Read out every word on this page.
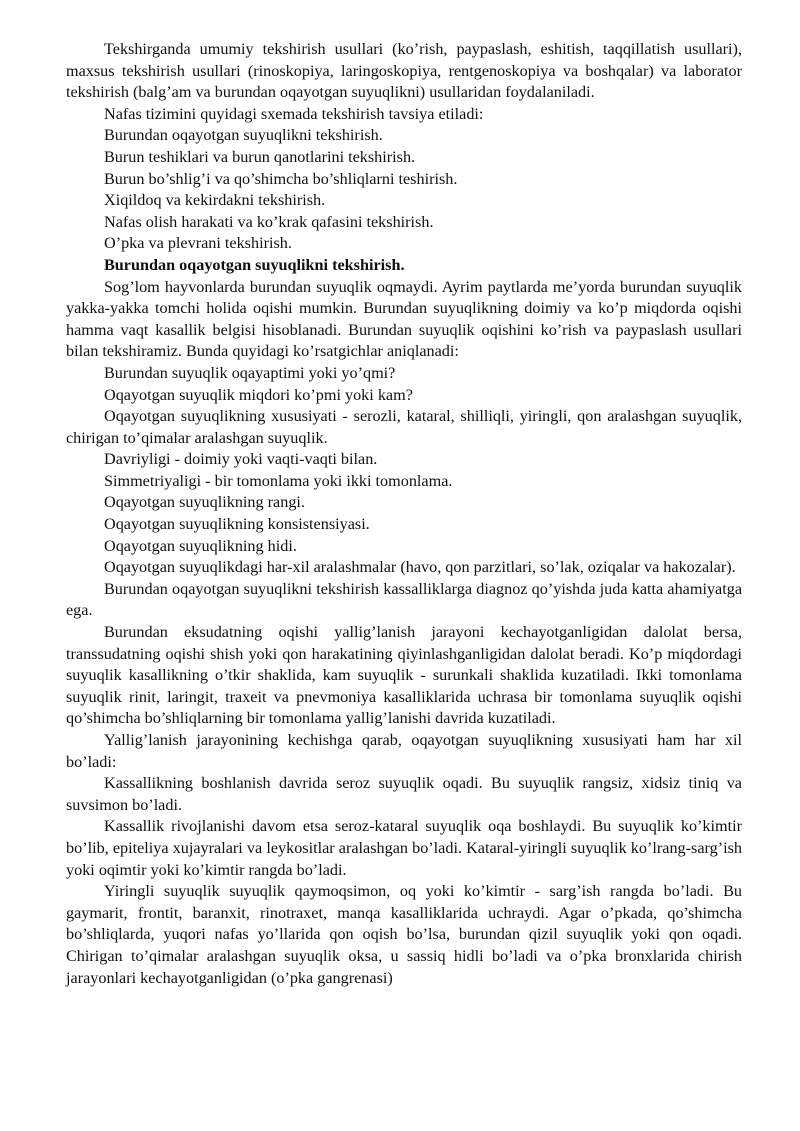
Tekshirganda umumiy tekshirish usullari (ko’rish, paypaslash, eshitish, taqqillatish usullari), maxsus tekshirish usullari (rinoskopiya, laringoskopiya, rentgenoskopiya va boshqalar) va laborator tekshirish (balg’am va burundan oqayotgan suyuqlikni) usullaridan foydalaniladi.

Nafas tizimini quyidagi sxemada tekshirish tavsiya etiladi:

Burundan oqayotgan suyuqlikni tekshirish.

Burun teshiklari va burun qanotlarini tekshirish.

Burun bo’shlig’i va qo’shimcha bo’shliqlarni teshirish.

Xiqildoq va kekirdakni tekshirish.

Nafas olish harakati va ko’krak qafasini tekshirish.

O’pka va plevrani tekshirish.

Burundan oqayotgan suyuqlikni tekshirish.

Sog’lom hayvonlarda burundan suyuqlik oqmaydi. Ayrim paytlarda me’yorda burundan suyuqlik yakka-yakka tomchi holida oqishi mumkin. Burundan suyuqlikning doimiy va ko’p miqdorda oqishi hamma vaqt kasallik belgisi hisoblanadi. Burundan suyuqlik oqishini ko’rish va paypaslash usullari bilan tekshiramiz. Bunda quyidagi ko’rsatgichlar aniqlanadi:

Burundan suyuqlik oqayaptimi yoki yo’qmi?

Oqayotgan suyuqlik miqdori ko’pmi yoki kam?

Oqayotgan suyuqlikning xususiyati - serozli, kataral, shilliqli, yiringli, qon aralashgan suyuqlik, chirigan to’qimalar aralashgan suyuqlik.

Davriyligi - doimiy yoki vaqti-vaqti bilan.

Simmetriyaligi - bir tomonlama yoki ikki tomonlama.

Oqayotgan suyuqlikning rangi.

Oqayotgan suyuqlikning konsistensiyasi.

Oqayotgan suyuqlikning hidi.

Oqayotgan suyuqlikdagi har-xil aralashmalar (havo, qon parzitlari, so’lak, oziqalar va hakozalar).

Burundan oqayotgan suyuqlikni tekshirish kassalliklarga diagnoz qo’yishda juda katta ahamiyatga ega.

Burundan eksudatning oqishi yallig’lanish jarayoni kechayotganligidan dalolat bersa, transsudatning oqishi shish yoki qon harakatining qiyinlashganligidan dalolat beradi. Ko’p miqdordagi suyuqlik kasallikning o’tkir shaklida, kam suyuqlik - surunkali shaklida kuzatiladi. Ikki tomonlama suyuqlik rinit, laringit, traxeit va pnevmoniya kasalliklarida uchrasa bir tomonlama suyuqlik oqishi qo’shimcha bo’shliqlarning bir tomonlama yallig’lanishi davrida kuzatiladi.

Yallig’lanish jarayonining kechishga qarab, oqayotgan suyuqlikning xususiyati ham har xil bo’ladi:

Kassallikning boshlanish davrida seroz suyuqlik oqadi. Bu suyuqlik rangsiz, xidsiz tiniq va suvsimon bo’ladi.

Kassallik rivojlanishi davom etsa seroz-kataral suyuqlik oqa boshlaydi. Bu suyuqlik ko’kimtir bo’lib, epiteliya xujayralari va leykositlar aralashgan bo’ladi. Kataral-yiringli suyuqlik ko’lrang-sarg’ish yoki oqimtir yoki ko’kimtir rangda bo’ladi.

Yiringli suyuqlik suyuqlik qaymoqsimon, oq yoki ko’kimtir - sarg’ish rangda bo’ladi. Bu gaymarit, frontit, baranxit, rinotraxet, manqa kasalliklarida uchraydi. Agar o’pkada, qo’shimcha bo’shliqlarda, yuqori nafas yo’llarida qon oqish bo’lsa, burundan qizil suyuqlik yoki qon oqadi. Chirigan to’qimalar aralashgan suyuqlik oksa, u sassiq hidli bo’ladi va o’pka bronxlarida chirish jarayonlari kechayotganligidan (o’pka gangrenasi)
